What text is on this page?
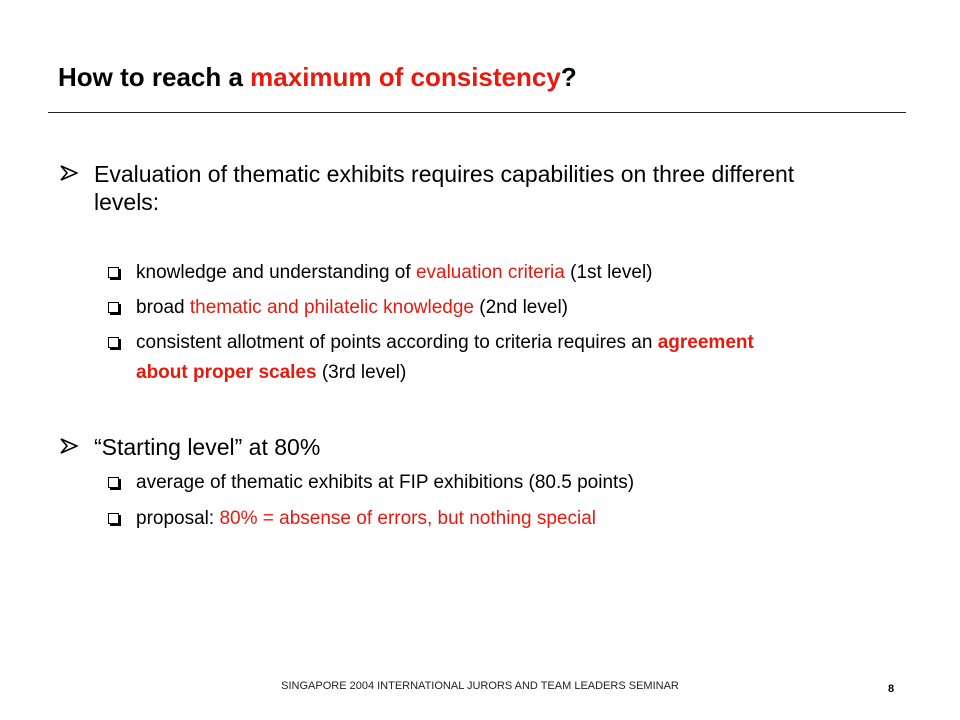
How to reach a maximum of consistency?
Evaluation of thematic exhibits requires capabilities on three different levels:
knowledge and understanding of evaluation criteria (1st level)
broad thematic and philatelic knowledge (2nd level)
consistent allotment of points according to criteria requires an agreement about proper scales (3rd level)
“Starting level” at 80%
average of thematic exhibits at FIP exhibitions (80.5 points)
proposal: 80% = absense of errors, but nothing special
SINGAPORE 2004 INTERNATIONAL JURORS AND TEAM LEADERS SEMINAR	8
